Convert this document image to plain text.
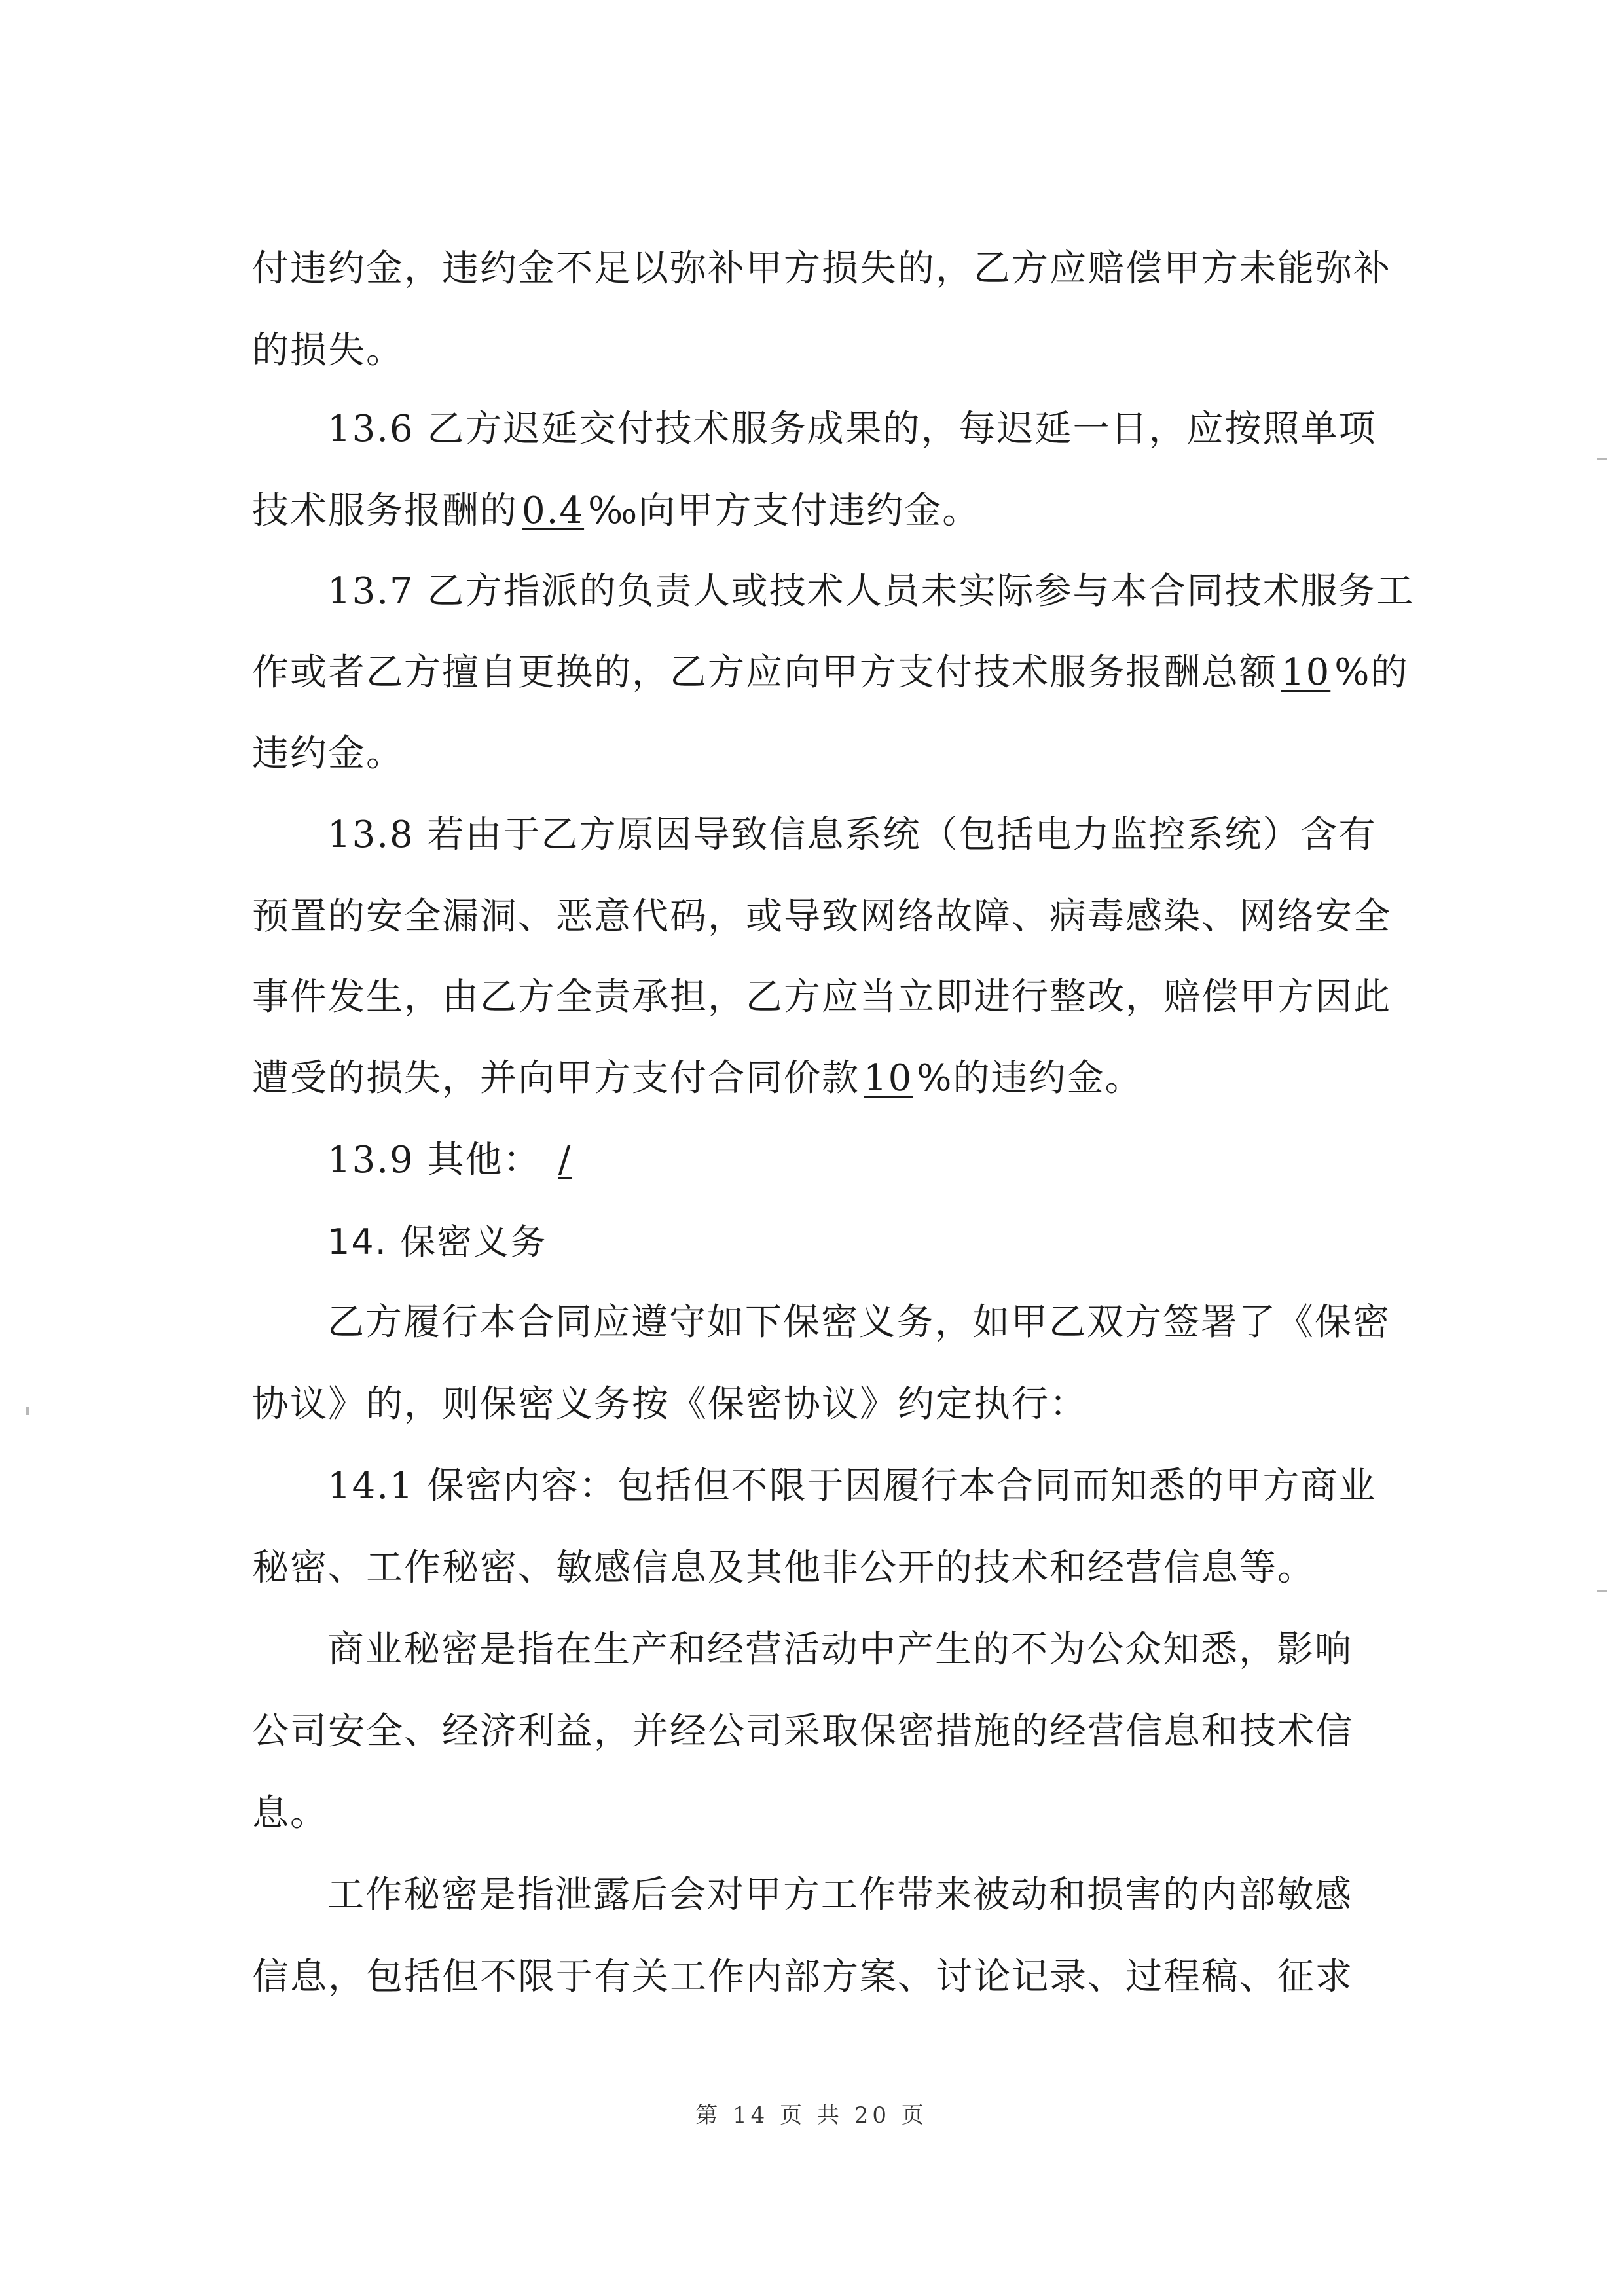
付违约金，违约金不足以弥补甲方损失的，乙方应赔偿甲方未能弥补
的损失。
13.6 乙方迟延交付技术服务成果的，每迟延一日，应按照单项
技术服务报酬的 0.4 ‰向甲方支付违约金。
13.7 乙方指派的负责人或技术人员未实际参与本合同技术服务工
作或者乙方擅自更换的，乙方应向甲方支付技术服务报酬总额 10 %的
违约金。
13.8 若由于乙方原因导致信息系统（包括电力监控系统）含有
预置的安全漏洞、恶意代码，或导致网络故障、病毒感染、网络安全
事件发生，由乙方全责承担，乙方应当立即进行整改，赔偿甲方因此
遭受的损失，并向甲方支付合同价款 10 %的违约金。
13.9 其他： /
14. 保密义务
乙方履行本合同应遵守如下保密义务，如甲乙双方签署了《保密
协议》的，则保密义务按《保密协议》约定执行：
14.1 保密内容：包括但不限于因履行本合同而知悉的甲方商业
秘密、工作秘密、敏感信息及其他非公开的技术和经营信息等。
商业秘密是指在生产和经营活动中产生的不为公众知悉，影响
公司安全、经济利益，并经公司采取保密措施的经营信息和技术信
息。
工作秘密是指泄露后会对甲方工作带来被动和损害的内部敏感
信息，包括但不限于有关工作内部方案、讨论记录、过程稿、征求
第 14 页 共 20 页
